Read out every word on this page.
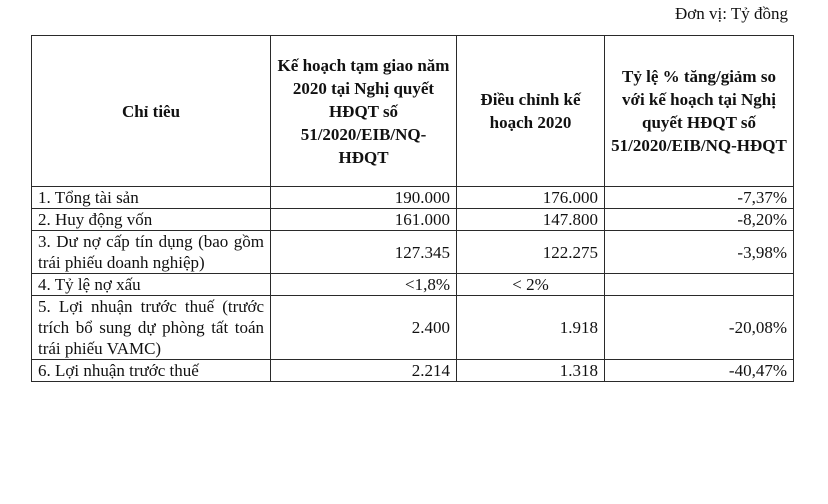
Đơn vị: Tỷ đồng
Chỉ tiêu	Kế hoạch tạm giao năm 2020 tại Nghị quyết HĐQT số 51/2020/EIB/NQ-HĐQT	Điều chỉnh kế hoạch 2020	Tỷ lệ % tăng/giảm so với kế hoạch tại Nghị quyết HĐQT số 51/2020/EIB/NQ-HĐQT
1. Tổng tài sản	190.000	176.000	-7,37%
2. Huy động vốn	161.000	147.800	-8,20%
3. Dư nợ cấp tín dụng (bao gồm trái phiếu doanh nghiệp)	127.345	122.275	-3,98%
4. Tỷ lệ nợ xấu	<1,8%	< 2%	
5. Lợi nhuận trước thuế (trước trích bổ sung dự phòng tất toán trái phiếu VAMC)	2.400	1.918	-20,08%
6. Lợi nhuận trước thuế	2.214	1.318	-40,47%
